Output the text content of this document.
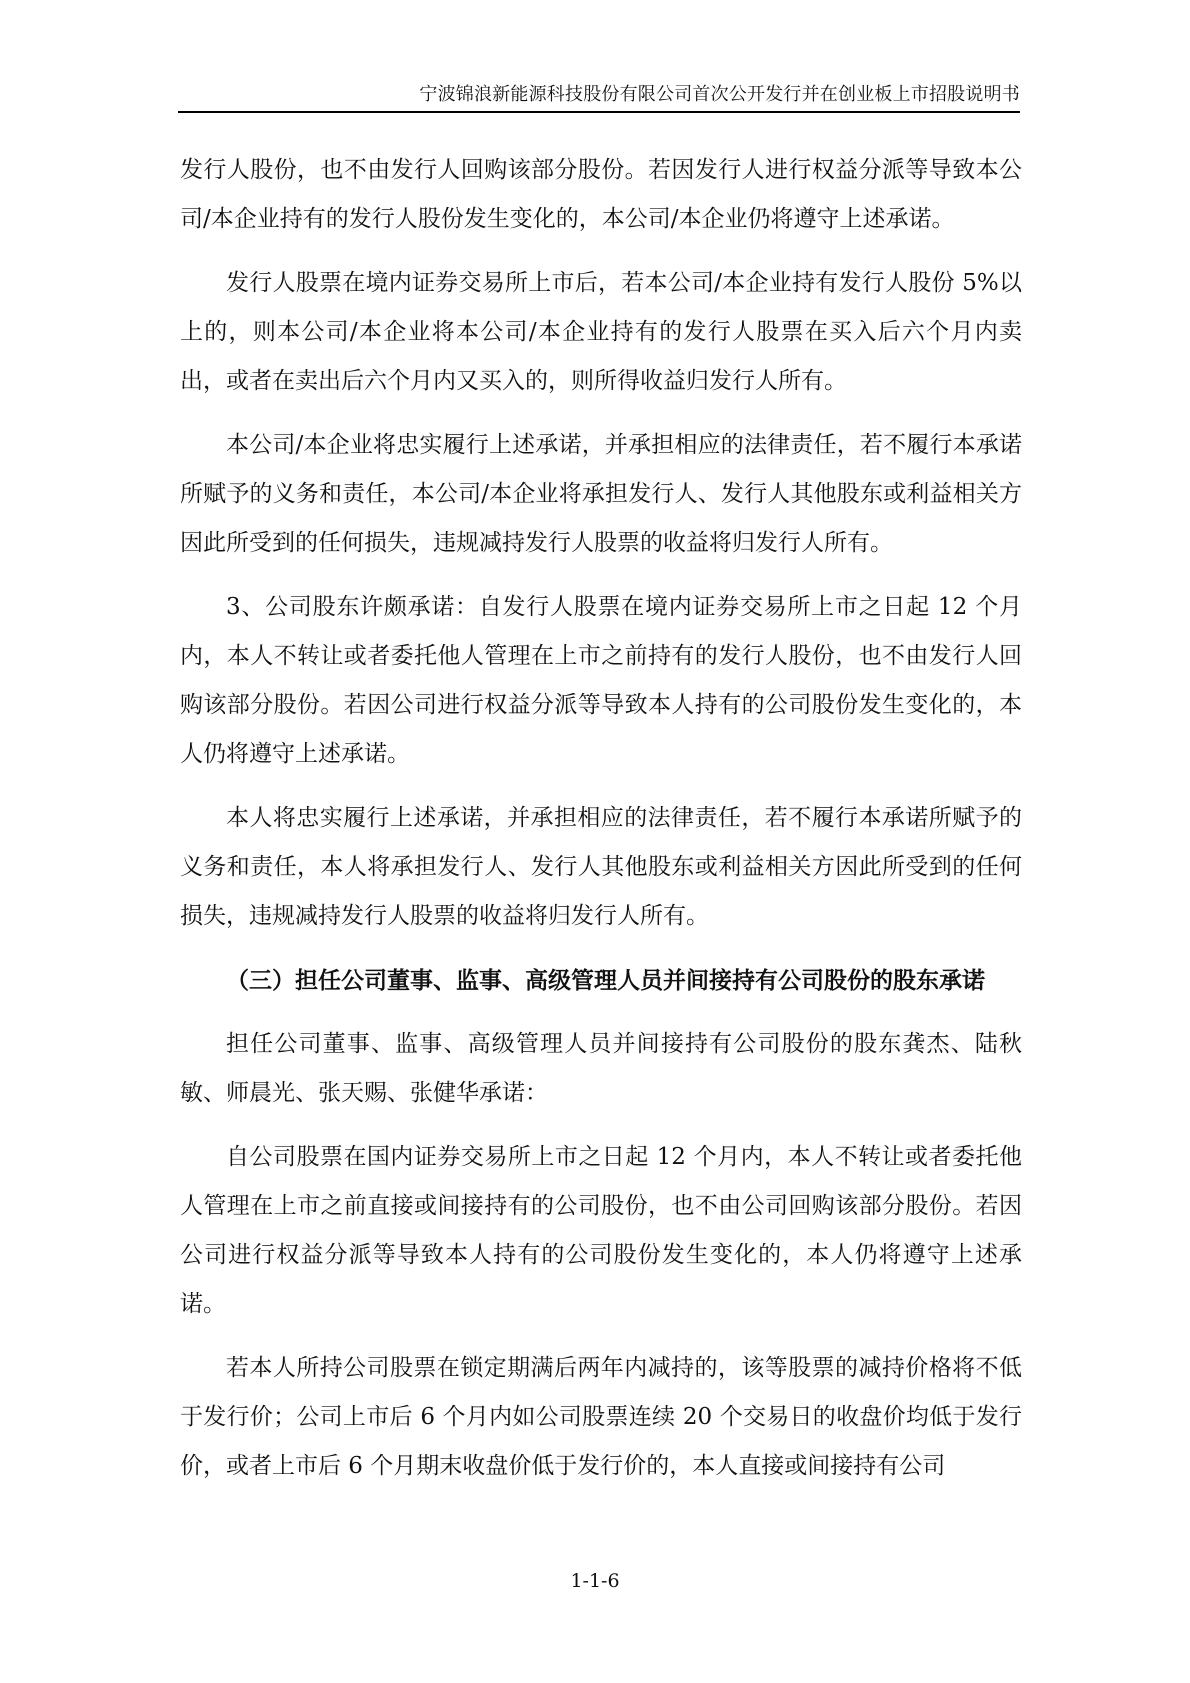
宁波锦浪新能源科技股份有限公司首次公开发行并在创业板上市招股说明书

发行人股份，也不由发行人回购该部分股份。若因发行人进行权益分派等导致本公司/本企业持有的发行人股份发生变化的，本公司/本企业仍将遵守上述承诺。

发行人股票在境内证券交易所上市后，若本公司/本企业持有发行人股份 5%以上的，则本公司/本企业将本公司/本企业持有的发行人股票在买入后六个月内卖出，或者在卖出后六个月内又买入的，则所得收益归发行人所有。

本公司/本企业将忠实履行上述承诺，并承担相应的法律责任，若不履行本承诺所赋予的义务和责任，本公司/本企业将承担发行人、发行人其他股东或利益相关方因此所受到的任何损失，违规减持发行人股票的收益将归发行人所有。

3、公司股东许颇承诺：自发行人股票在境内证券交易所上市之日起 12 个月内，本人不转让或者委托他人管理在上市之前持有的发行人股份，也不由发行人回购该部分股份。若因公司进行权益分派等导致本人持有的公司股份发生变化的，本人仍将遵守上述承诺。

本人将忠实履行上述承诺，并承担相应的法律责任，若不履行本承诺所赋予的义务和责任，本人将承担发行人、发行人其他股东或利益相关方因此所受到的任何损失，违规减持发行人股票的收益将归发行人所有。

（三）担任公司董事、监事、高级管理人员并间接持有公司股份的股东承诺

担任公司董事、监事、高级管理人员并间接持有公司股份的股东龚杰、陆秋敏、师晨光、张天赐、张健华承诺：

自公司股票在国内证券交易所上市之日起 12 个月内，本人不转让或者委托他人管理在上市之前直接或间接持有的公司股份，也不由公司回购该部分股份。若因公司进行权益分派等导致本人持有的公司股份发生变化的，本人仍将遵守上述承诺。

若本人所持公司股票在锁定期满后两年内减持的，该等股票的减持价格将不低于发行价；公司上市后 6 个月内如公司股票连续 20 个交易日的收盘价均低于发行价，或者上市后 6 个月期末收盘价低于发行价的，本人直接或间接持有公司

1-1-6
